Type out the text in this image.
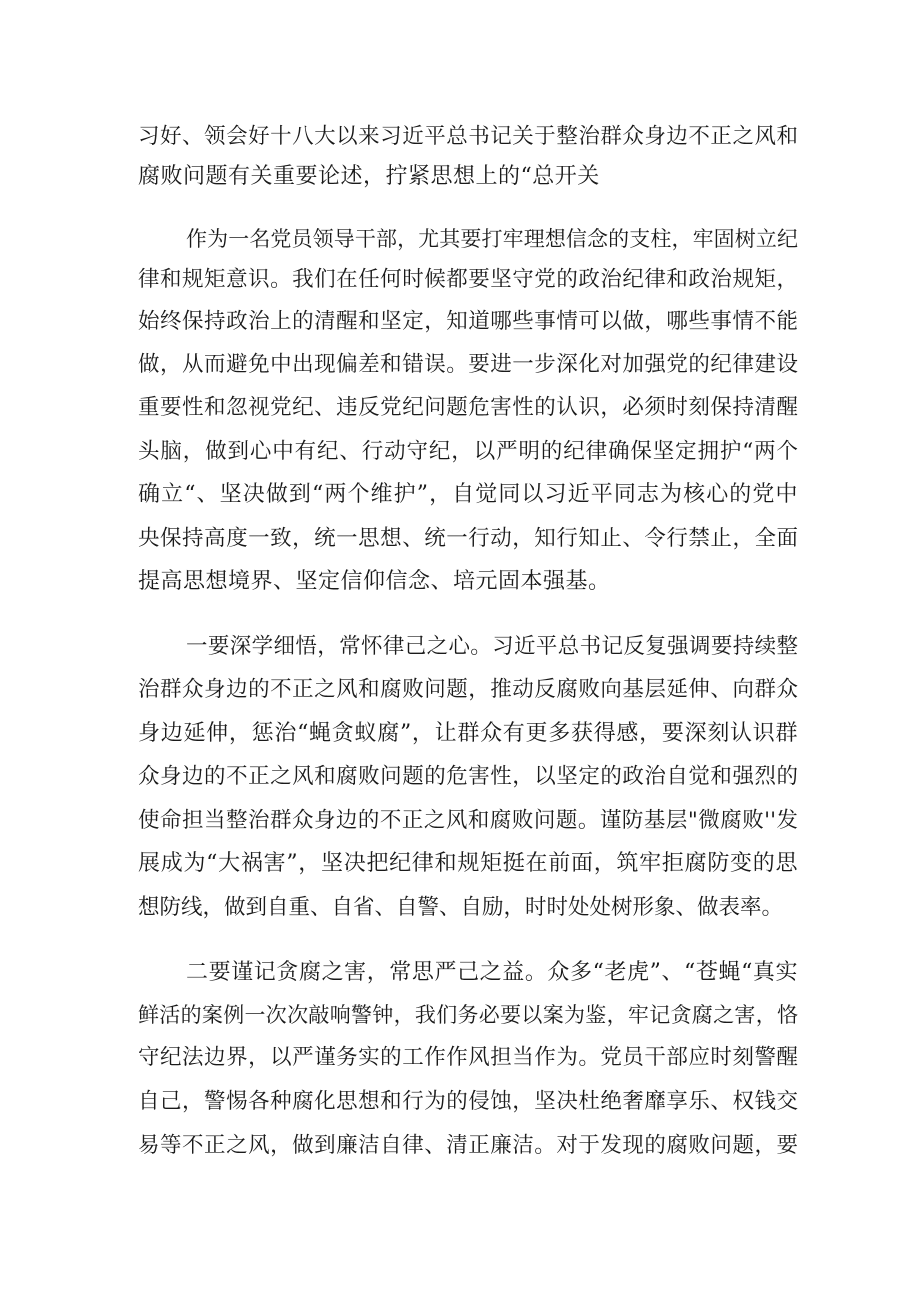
习好、领会好十八大以来习近平总书记关于整治群众身边不正之风和
腐败问题有关重要论述，拧紧思想上的“总开关
作为一名党员领导干部，尤其要打牢理想信念的支柱，牢固树立纪
律和规矩意识。我们在任何时候都要坚守党的政治纪律和政治规矩，
始终保持政治上的清醒和坚定，知道哪些事情可以做，哪些事情不能
做，从而避免中出现偏差和错误。要进一步深化对加强党的纪律建设
重要性和忽视党纪、违反党纪问题危害性的认识，必须时刻保持清醒
头脑，做到心中有纪、行动守纪，以严明的纪律确保坚定拥护“两个
确立“、坚决做到“两个维护”，自觉同以习近平同志为核心的党中
央保持高度一致，统一思想、统一行动，知行知止、令行禁止，全面
提高思想境界、坚定信仰信念、培元固本强基。
一要深学细悟，常怀律己之心。习近平总书记反复强调要持续整
治群众身边的不正之风和腐败问题，推动反腐败向基层延伸、向群众
身边延伸，惩治“蝇贪蚁腐”，让群众有更多获得感，要深刻认识群
众身边的不正之风和腐败问题的危害性，以坚定的政治自觉和强烈的
使命担当整治群众身边的不正之风和腐败问题。谨防基层"微腐败''发
展成为“大祸害”，坚决把纪律和规矩挺在前面，筑牢拒腐防变的思
想防线，做到自重、自省、自警、自励，时时处处树形象、做表率。
二要谨记贪腐之害，常思严己之益。众多“老虎”、“苍蝇“真实
鲜活的案例一次次敲响警钟，我们务必要以案为鉴，牢记贪腐之害，恪
守纪法边界，以严谨务实的工作作风担当作为。党员干部应时刻警醒
自己，警惕各种腐化思想和行为的侵蚀，坚决杜绝奢靡享乐、权钱交
易等不正之风，做到廉洁自律、清正廉洁。对于发现的腐败问题，要
